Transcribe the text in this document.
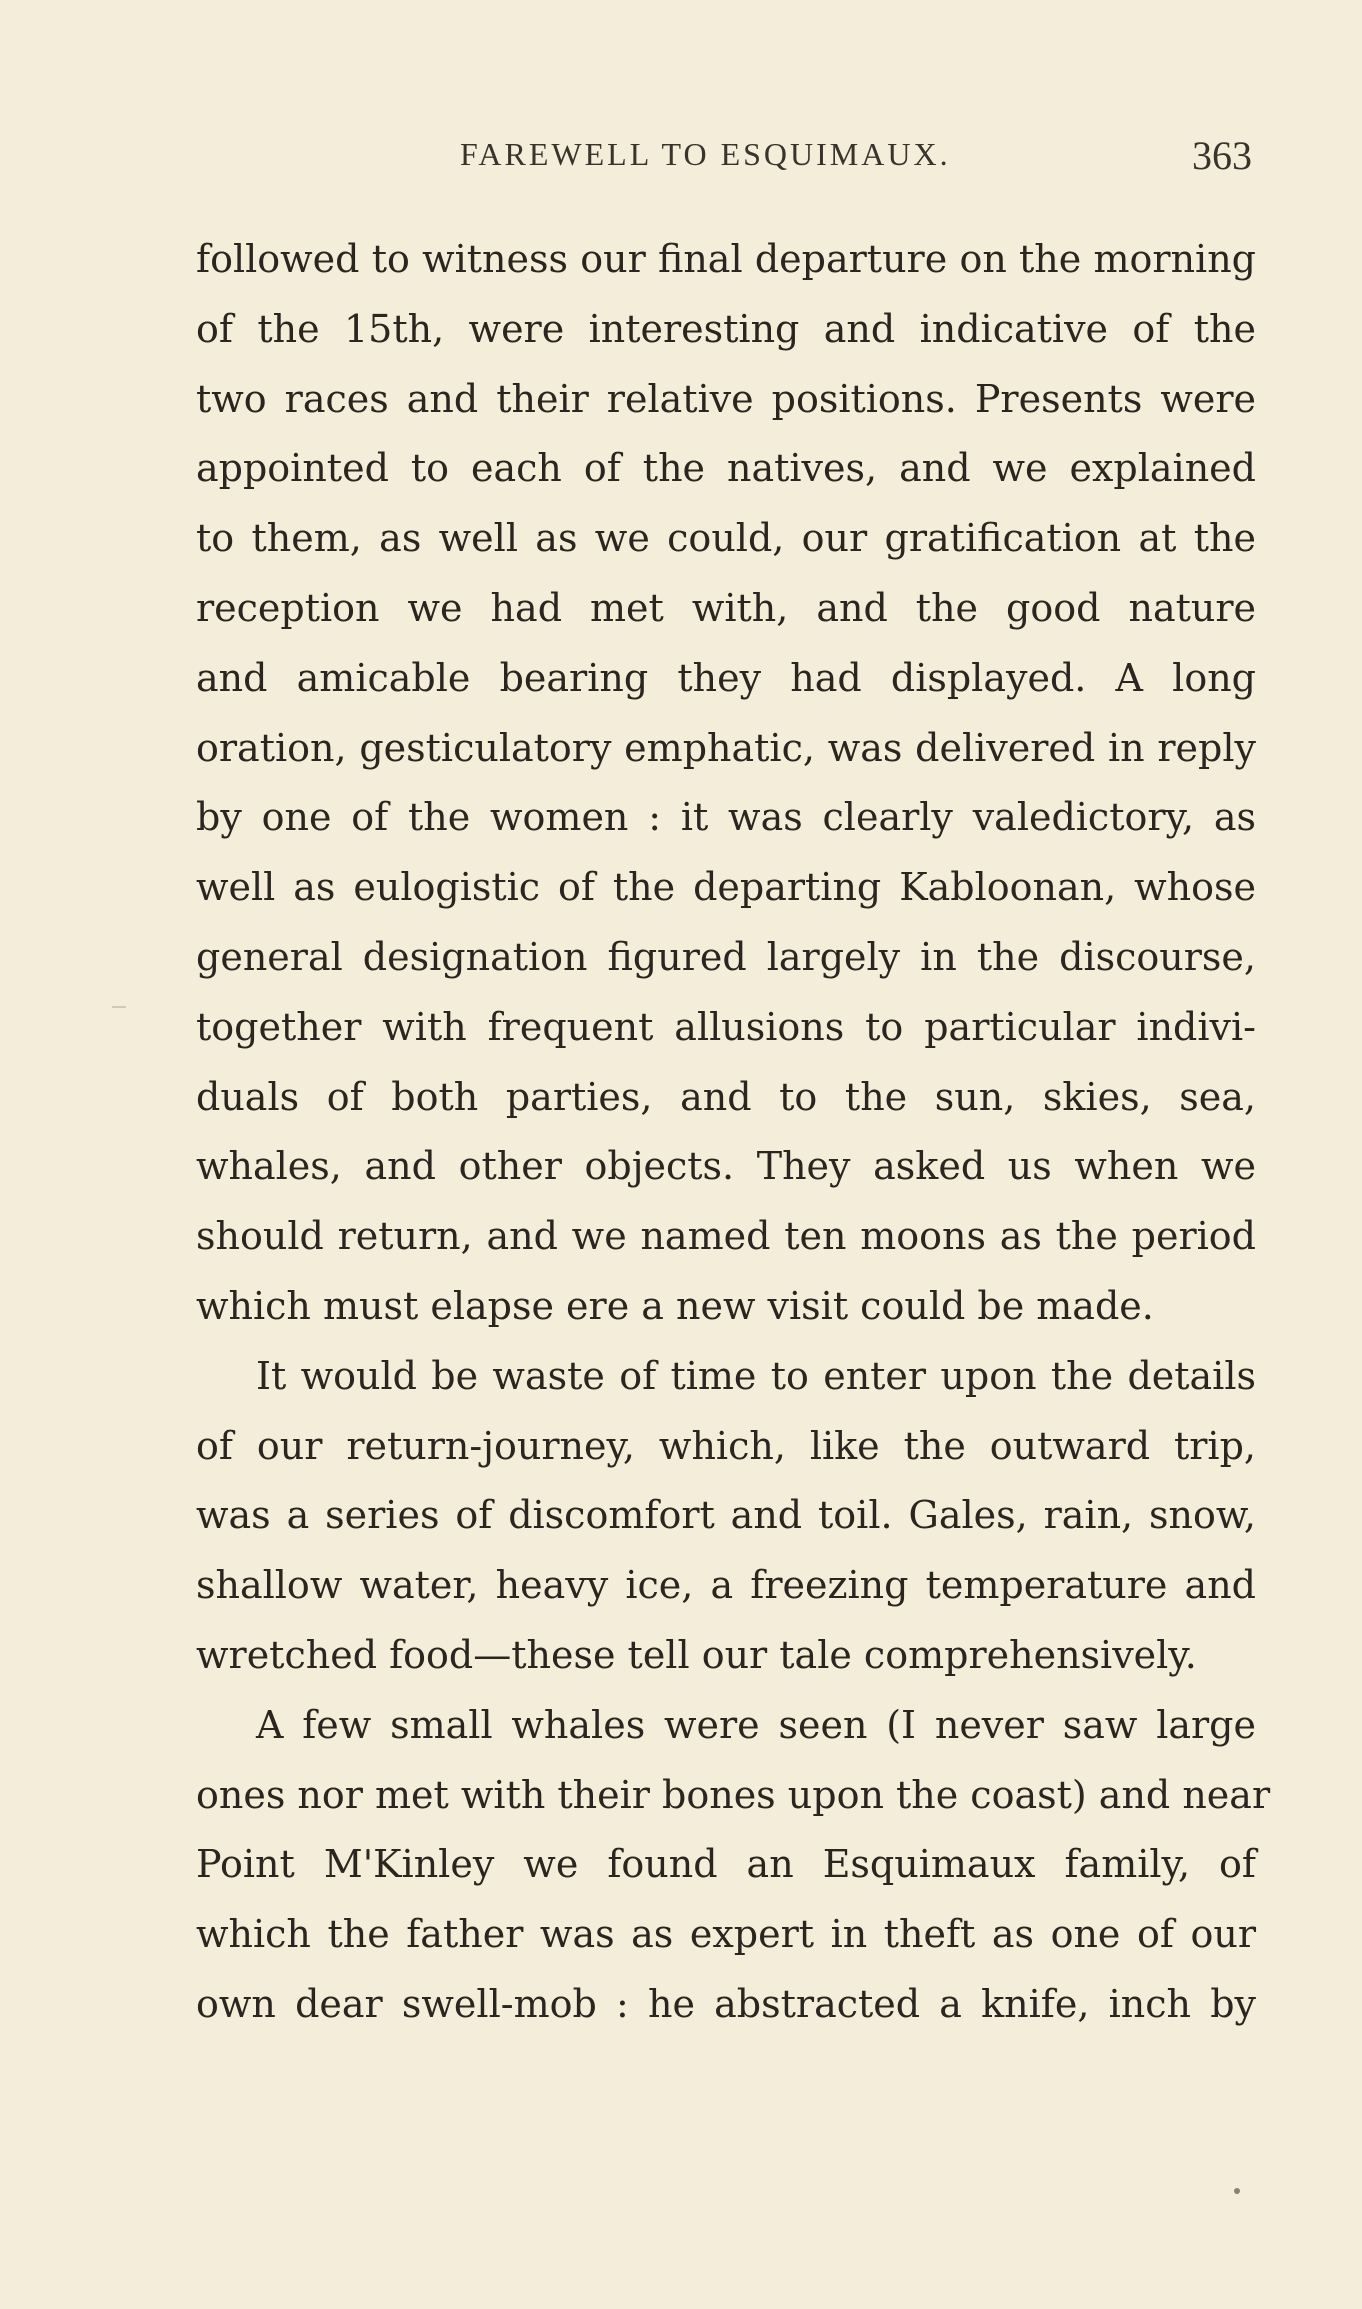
FAREWELL TO ESQUIMAUX.	363
followed to witness our final departure on the morning
of the 15th, were interesting and indicative of the
two races and their relative positions. Presents were
appointed to each of the natives, and we explained
to them, as well as we could, our gratification at the
reception we had met with, and the good nature
and amicable bearing they had displayed. A long
oration, gesticulatory emphatic, was delivered in reply
by one of the women : it was clearly valedictory, as
well as eulogistic of the departing Kabloonan, whose
general designation figured largely in the discourse,
together with frequent allusions to particular indivi-
duals of both parties, and to the sun, skies, sea,
whales, and other objects. They asked us when we
should return, and we named ten moons as the period
which must elapse ere a new visit could be made.
It would be waste of time to enter upon the details
of our return-journey, which, like the outward trip,
was a series of discomfort and toil. Gales, rain, snow,
shallow water, heavy ice, a freezing temperature and
wretched food—these tell our tale comprehensively.
A few small whales were seen (I never saw large
ones nor met with their bones upon the coast) and near
Point M'Kinley we found an Esquimaux family, of
which the father was as expert in theft as one of our
own dear swell-mob : he abstracted a knife, inch by
